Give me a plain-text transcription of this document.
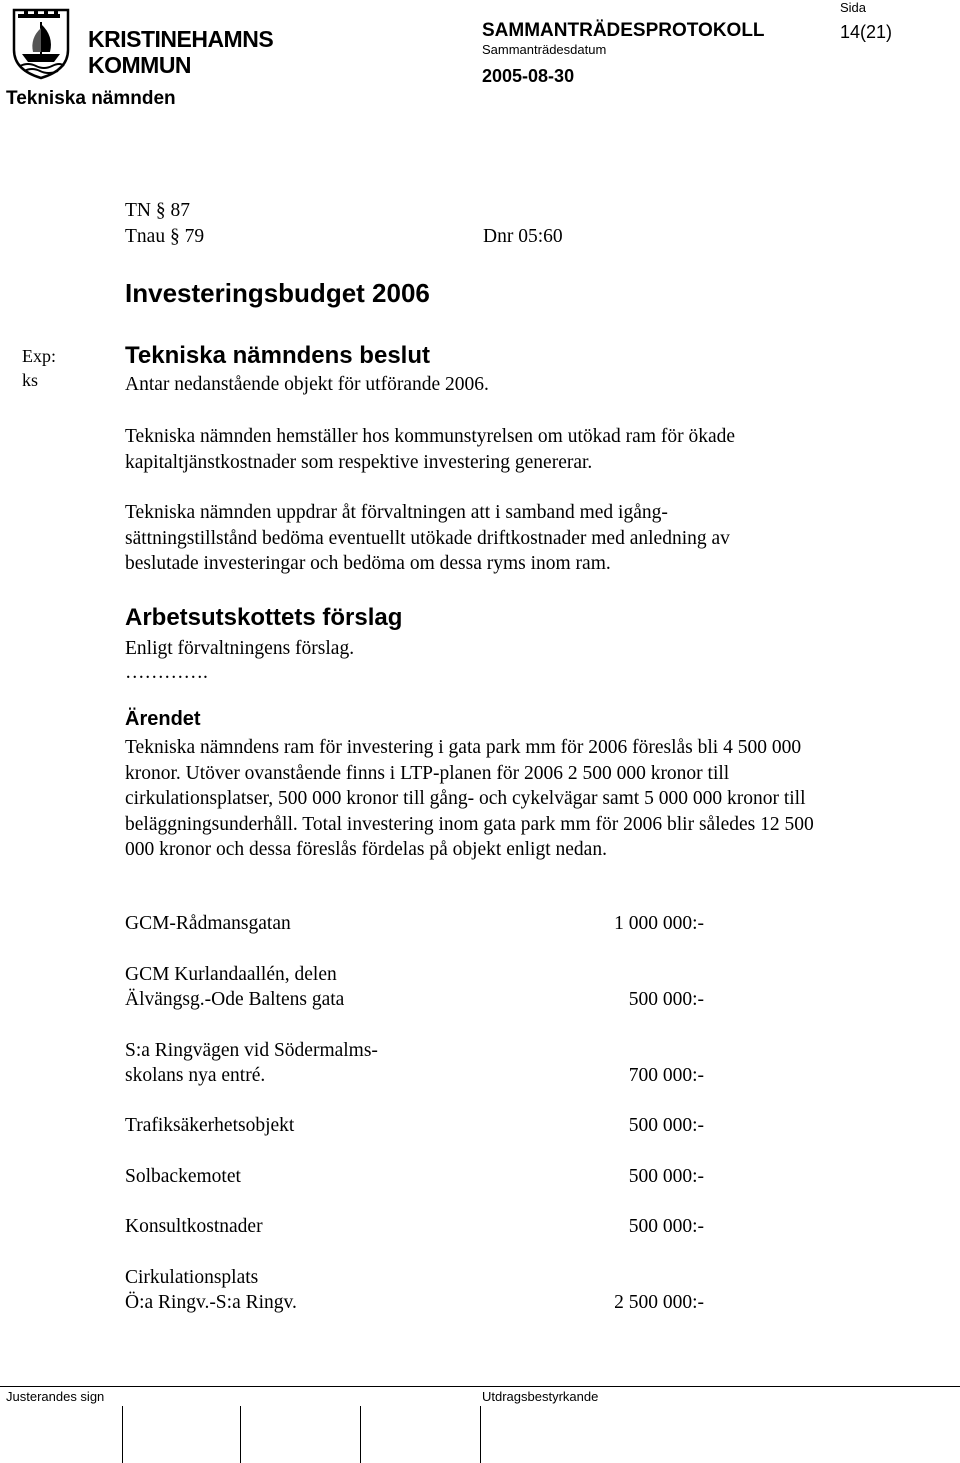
KRISTINEHAMNS
KOMMUN
Tekniska nämnden
SAMMANTRÄDESPROTOKOLL
Sammanträdesdatum
2005-08-30
Sida
14(21)
TN § 87
Tnau § 79	Dnr 05:60
Investeringsbudget 2006
Exp:
ks
Tekniska nämndens beslut
Antar nedanstående objekt för utförande 2006.
Tekniska nämnden hemställer hos kommunstyrelsen om utökad ram för ökade kapitaltjänstkostnader som respektive investering genererar.
Tekniska nämnden uppdrar åt förvaltningen att i samband med igång-
sättningstillstånd bedöma eventuellt utökade driftkostnader med anledning av
beslutade investeringar och bedöma om dessa ryms inom ram.
Arbetsutskottets förslag
Enligt förvaltningens förslag.
………….
Ärendet
Tekniska nämndens ram för investering i gata park mm för 2006 föreslås bli 4 500 000 kronor. Utöver ovanstående finns i LTP-planen för 2006 2 500 000 kronor till cirkulationsplatser, 500 000 kronor till gång- och cykelvägar samt 5 000 000 kronor till beläggningsunderhåll. Total investering inom gata park mm för 2006 blir således 12 500 000 kronor och dessa föreslås fördelas på objekt enligt nedan.
GCM-Rådmansgatan	1 000 000:-
GCM Kurlandaallén, delen
Älvängsg.-Ode Baltens gata	500 000:-
S:a Ringvägen vid Södermalms-
skolans nya entré.	700 000:-
Trafiksäkerhetsobjekt	500 000:-
Solbackemotet	500 000:-
Konsultkostnader	500 000:-
Cirkulationsplats
Ö:a Ringv.-S:a Ringv.	2 500 000:-
Justerandes sign	Utdragsbestyrkande
